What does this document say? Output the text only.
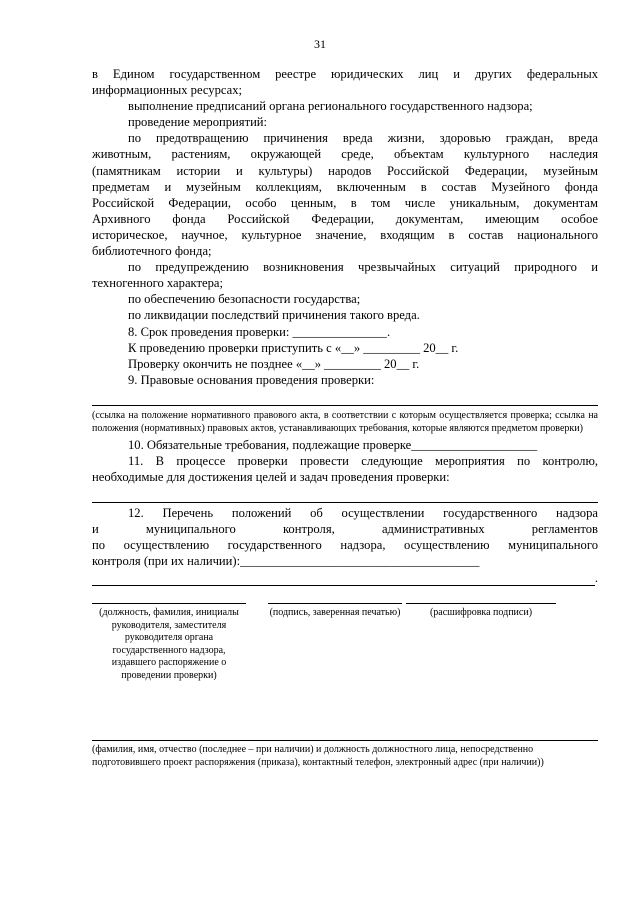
31

в Едином государственном реестре юридических лиц и других федеральных

информационных ресурсах;

выполнение предписаний органа регионального государственного надзора;

проведение мероприятий:

по предотвращению причинения вреда жизни, здоровью граждан, вреда

животным, растениям, окружающей среде, объектам культурного наследия

(памятникам истории и культуры) народов Российской Федерации, музейным

предметам и музейным коллекциям, включенным в состав Музейного фонда

Российской Федерации, особо ценным, в том числе уникальным, документам

Архивного фонда Российской Федерации, документам, имеющим особое

историческое, научное, культурное значение, входящим в состав национального

библиотечного фонда;

по предупреждению возникновения чрезвычайных ситуаций природного и

техногенного характера;

по обеспечению безопасности государства;

по ликвидации последствий причинения такого вреда.

8. Срок проведения проверки: _______________.

К проведению проверки приступить с «__» _________ 20__ г.

Проверку окончить не позднее «__» _________ 20__ г.

9. Правовые основания проведения проверки:

(ссылка на положение нормативного правового акта, в соответствии с которым осуществляется проверка; ссылка на положения (нормативных) правовых актов, устанавливающих требования, которые являются предметом проверки)

10. Обязательные требования, подлежащие проверке____________________

11. В процессе проверки провести следующие мероприятия по контролю,

необходимые для достижения целей и задач проведения проверки:

12. Перечень положений об осуществлении государственного надзора

и	муниципального	контроля,	административных	регламентов

по осуществлению государственного надзора, осуществлению муниципального

контроля (при их наличии):______________________________________

.

(должность, фамилия, инициалы руководителя, заместителя руководителя органа государственного надзора, издавшего распоряжение о проведении проверки)
(подпись, заверенная печатью)	(расшифровка подписи)
(фамилия, имя, отчество (последнее – при наличии) и должность должностного лица, непосредственно подготовившего проект распоряжения (приказа), контактный телефон, электронный адрес (при наличии))
